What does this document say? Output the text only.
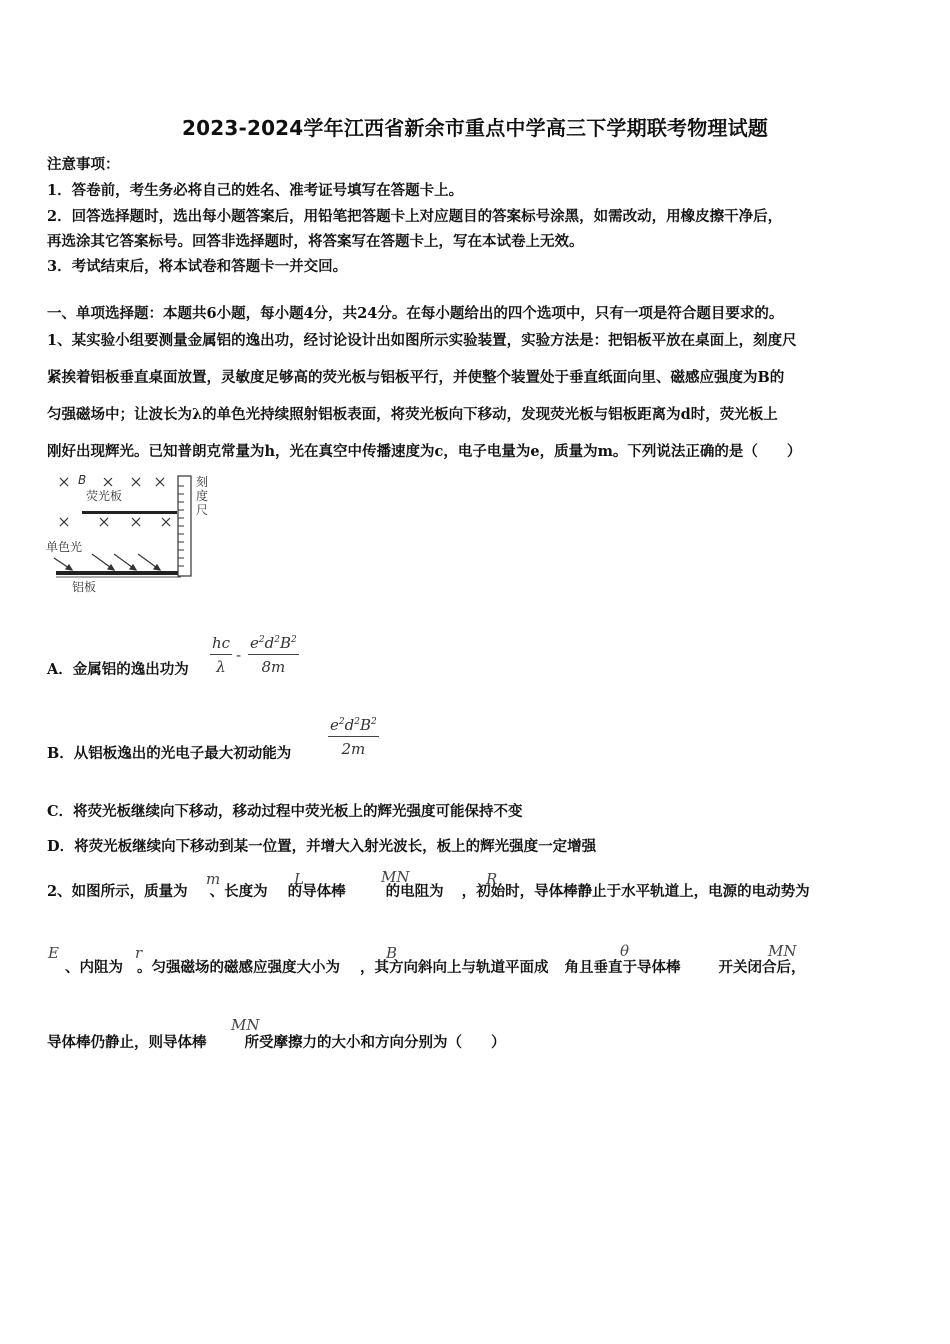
2023-2024学年江西省新余市重点中学高三下学期联考物理试题
注意事项：
1．答卷前，考生务必将自己的姓名、准考证号填写在答题卡上。
2．回答选择题时，选出每小题答案后，用铅笔把答题卡上对应题目的答案标号涂黑，如需改动，用橡皮擦干净后，
再选涂其它答案标号。回答非选择题时，将答案写在答题卡上，写在本试卷上无效。
3．考试结束后，将本试卷和答题卡一并交回。
一、单项选择题：本题共6小题，每小题4分，共24分。在每小题给出的四个选项中，只有一项是符合题目要求的。
1、某实验小组要测量金属铝的逸出功，经讨论设计出如图所示实验装置，实验方法是：把铝板平放在桌面上，刻度尺
紧挨着铝板垂直桌面放置，灵敏度足够高的荧光板与铝板平行，并使整个装置处于垂直纸面向里、磁感应强度为B的
匀强磁场中；让波长为λ的单色光持续照射铝板表面，将荧光板向下移动，发现荧光板与铝板距离为d时，荧光板上
刚好出现辉光。已知普朗克常量为h，光在真空中传播速度为c，电子电量为e，质量为m。下列说法正确的是（　　）
B
荧光板
单色光
铝板
刻
度
尺
A．金属铝的逸出功为 $\frac{hc}{\lambda} - \frac{e^2d^2B^2}{8m}$
B．从铝板逸出的光电子最大初动能为 $\frac{e^2d^2B^2}{2m}$
C．将荧光板继续向下移动，移动过程中荧光板上的辉光强度可能保持不变
D．将荧光板继续向下移动到某一位置，并增大入射光波长，板上的辉光强度一定增强
2、如图所示，质量为 、长度为 的导体棒	的电阻为 ，初始时，导体棒静止于水平轨道上，电源的电动势为
m	L	MN	R
、内阻为 。匀强磁场的磁感应强度大小为 ，其方向斜向上与轨道平面成 角且垂直于导体棒	开关闭合后，
E	r	B	θ	MN
导体棒仍静止，则导体棒	所受摩擦力的大小和方向分别为（　　）
MN
